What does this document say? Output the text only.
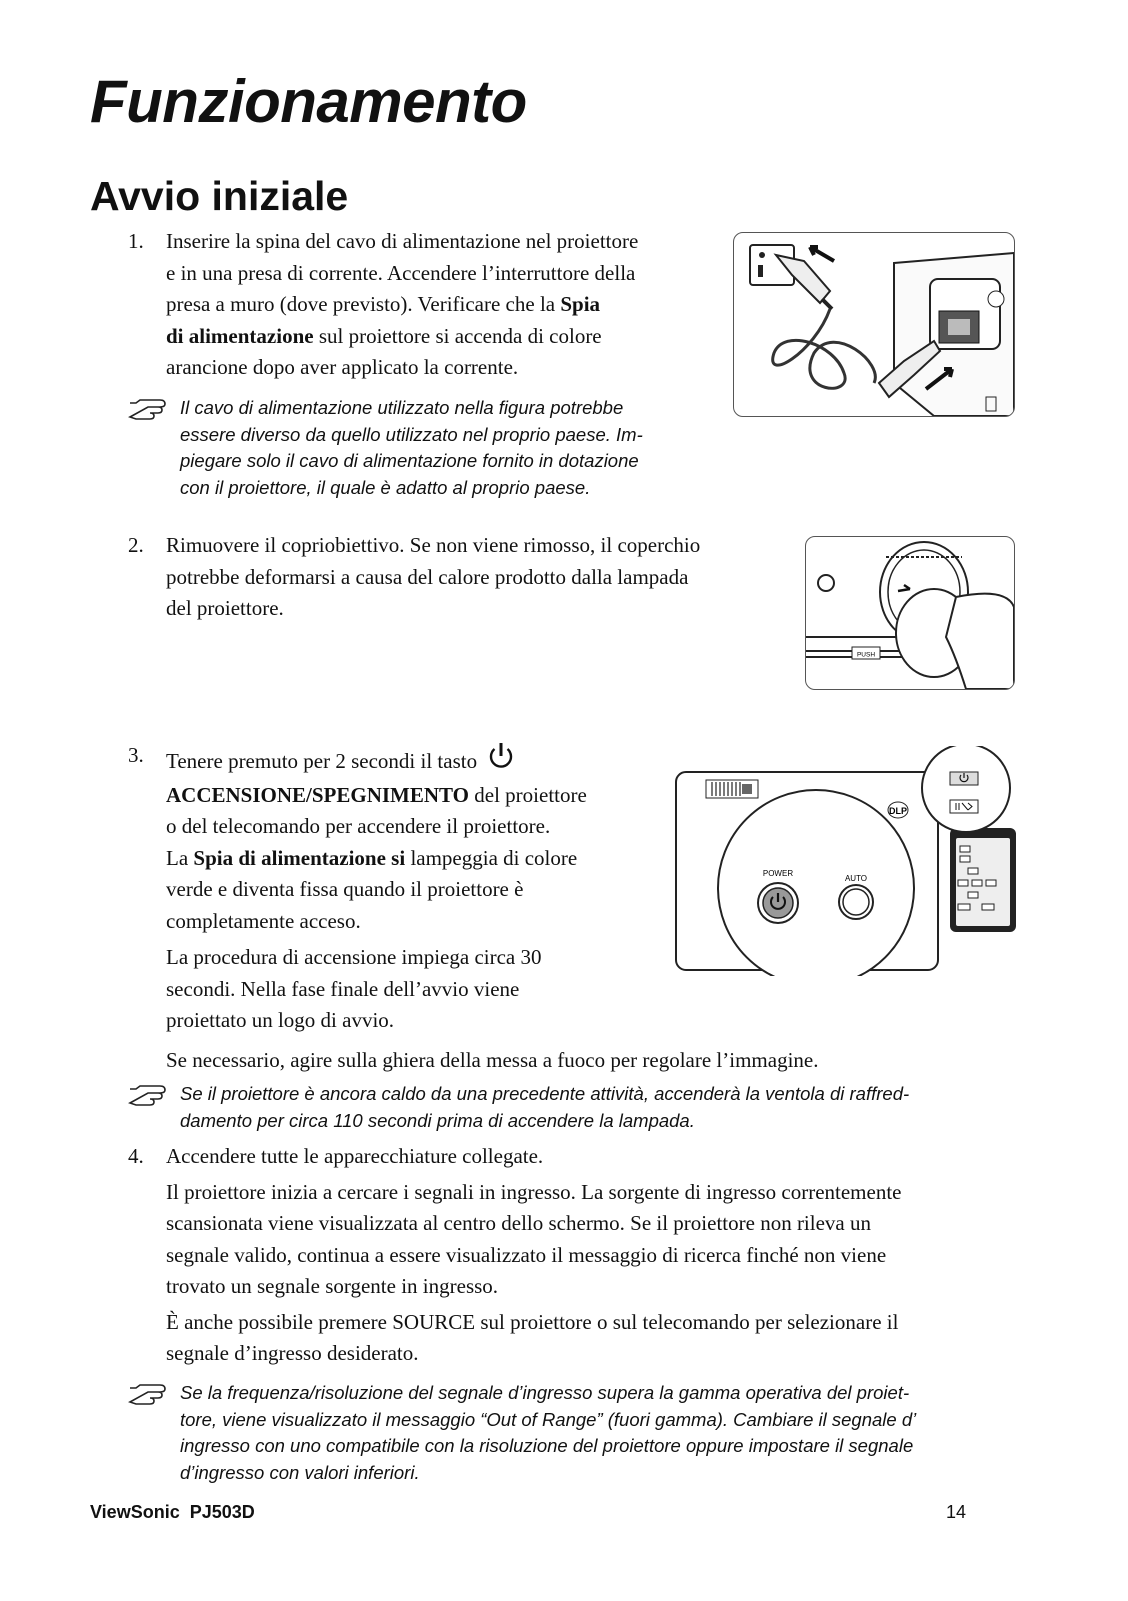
Funzionamento
Avvio iniziale
1. Inserire la spina del cavo di alimentazione nel proiettore

e in una presa di corrente. Accendere l’interruttore della

presa a muro (dove previsto). Verificare che la Spia

di alimentazione sul proiettore si accenda di colore

arancione dopo aver applicato la corrente.

Il cavo di alimentazione utilizzato nella figura potrebbe

essere diverso da quello utilizzato nel proprio paese. Im-

piegare solo il cavo di alimentazione fornito in dotazione

con il proiettore, il quale è adatto al proprio paese.

2. Rimuovere il copriobiettivo. Se non viene rimosso, il coperchio

potrebbe deformarsi a causa del calore prodotto dalla lampada

del proiettore.

PUSH
3. Tenere premuto per 2 secondi il tasto

ACCENSIONE/SPEGNIMENTO del proiettore

o del telecomando per accendere il proiettore.

La Spia di alimentazione si lampeggia di colore

verde e diventa fissa quando il proiettore è

completamente acceso.

La procedura di accensione impiega circa 30

secondi. Nella fase finale dell’avvio viene

proiettato un logo di avvio.

Se necessario, agire sulla ghiera della messa a fuoco per regolare l’immagine.

DLP
POWER
AUTO

Se il proiettore è ancora caldo da una precedente attività, accenderà la ventola di raffred-

damento per circa 110 secondi prima di accendere la lampada.

4. Accendere tutte le apparecchiature collegate.

Il proiettore inizia a cercare i segnali in ingresso. La sorgente di ingresso correntemente

scansionata viene visualizzata al centro dello schermo. Se il proiettore non rileva un

segnale valido, continua a essere visualizzato il messaggio di ricerca finché non viene

trovato un segnale sorgente in ingresso.

È anche possibile premere SOURCE sul proiettore o sul telecomando per selezionare il

segnale d’ingresso desiderato.

Se la frequenza/risoluzione del segnale d’ingresso supera la gamma operativa del proiet-

tore, viene visualizzato il messaggio “Out of Range” (fuori gamma). Cambiare il segnale d’

ingresso con uno compatibile con la risoluzione del proiettore oppure impostare il segnale

d’ingresso con valori inferiori.

ViewSonic  PJ503D	14
